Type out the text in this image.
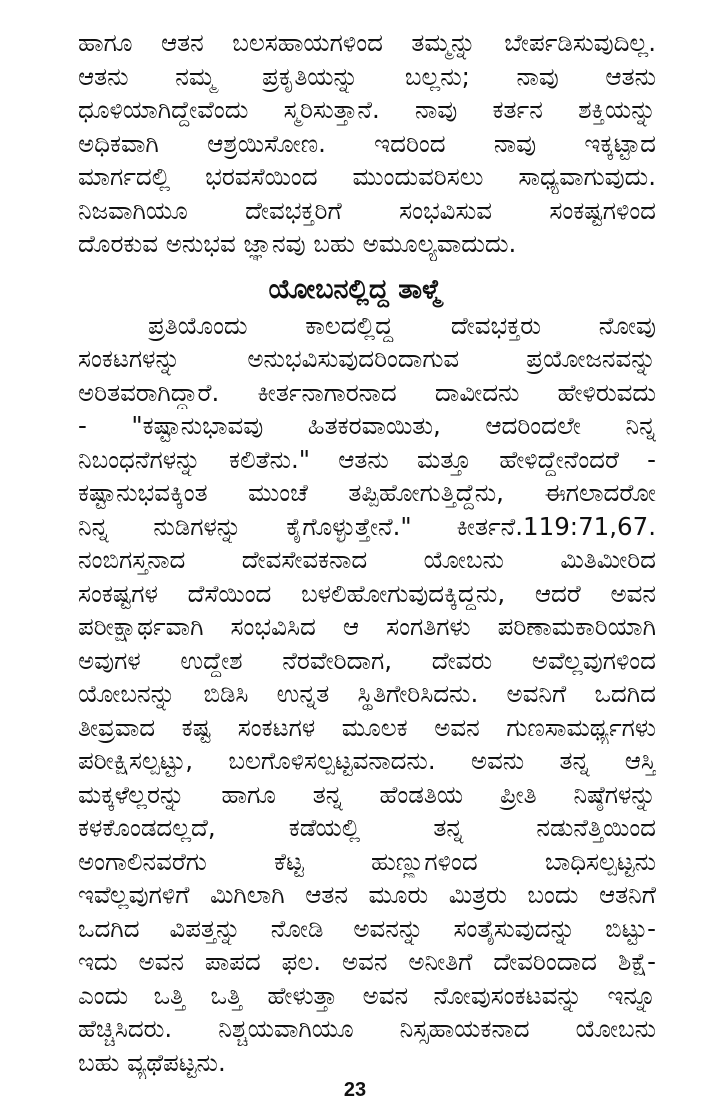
ಹಾಗೂ ಆತನ ಬಲಸಹಾಯಗಳಿಂದ ತಮ್ಮನ್ನು ಬೇರ್ಪಡಿಸುವುದಿಲ್ಲ.
ಆತನು ನಮ್ಮ ಪ್ರಕೃತಿಯನ್ನು ಬಲ್ಲನು; ನಾವು ಆತನು
ಧೂಳಿಯಾಗಿದ್ದೇವೆಂದು ಸ್ಮರಿಸುತ್ತಾನೆ. ನಾವು ಕರ್ತನ ಶಕ್ತಿಯನ್ನು
ಅಧಿಕವಾಗಿ ಆಶ್ರಯಿಸೋಣ. ಇದರಿಂದ ನಾವು ಇಕ್ಕಟ್ಟಾದ
ಮಾರ್ಗದಲ್ಲಿ ಭರವಸೆಯಿಂದ ಮುಂದುವರಿಸಲು ಸಾಧ್ಯವಾಗುವುದು.
ನಿಜವಾಗಿಯೂ ದೇವಭಕ್ತರಿಗೆ ಸಂಭವಿಸುವ ಸಂಕಷ್ಟಗಳಿಂದ
ದೊರಕುವ ಅನುಭವ ಜ್ಞಾನವು ಬಹು ಅಮೂಲ್ಯವಾದುದು.
ಯೋಬನಲ್ಲಿದ್ದ ತಾಳ್ಮೆ
ಪ್ರತಿಯೊಂದು ಕಾಲದಲ್ಲಿದ್ದ ದೇವಭಕ್ತರು ನೋವು
ಸಂಕಟಗಳನ್ನು ಅನುಭವಿಸುವುದರಿಂದಾಗುವ ಪ್ರಯೋಜನವನ್ನು
ಅರಿತವರಾಗಿದ್ದಾರೆ. ಕೀರ್ತನಾಗಾರನಾದ ದಾವೀದನು ಹೇಳಿರುವದು
- "ಕಷ್ಟಾನುಭಾವವು ಹಿತಕರವಾಯಿತು, ಆದರಿಂದಲೇ ನಿನ್ನ
ನಿಬಂಧನೆಗಳನ್ನು ಕಲಿತೆನು." ಆತನು ಮತ್ತೂ ಹೇಳಿದ್ದೇನೆಂದರೆ -
ಕಷ್ಟಾನುಭವಕ್ಕಿಂತ ಮುಂಚೆ ತಪ್ಪಿಹೋಗುತ್ತಿದ್ದೆನು, ಈಗಲಾದರೋ
ನಿನ್ನ ನುಡಿಗಳನ್ನು ಕೈಗೊಳ್ಳುತ್ತೇನೆ." ಕೀರ್ತನೆ.119:71,67.
ನಂಬಿಗಸ್ತನಾದ ದೇವಸೇವಕನಾದ ಯೋಬನು ಮಿತಿಮೀರಿದ
ಸಂಕಷ್ಟಗಳ ದೆಸೆಯಿಂದ ಬಳಲಿಹೋಗುವುದಕ್ಕಿದ್ದನು, ಆದರೆ ಅವನ
ಪರೀಕ್ಷಾರ್ಥವಾಗಿ ಸಂಭವಿಸಿದ ಆ ಸಂಗತಿಗಳು ಪರಿಣಾಮಕಾರಿಯಾಗಿ
ಅವುಗಳ ಉದ್ದೇಶ ನೆರವೇರಿದಾಗ, ದೇವರು ಅವೆಲ್ಲವುಗಳಿಂದ
ಯೋಬನನ್ನು ಬಿಡಿಸಿ ಉನ್ನತ ಸ್ಥಿತಿಗೇರಿಸಿದನು. ಅವನಿಗೆ ಒದಗಿದ
ತೀವ್ರವಾದ ಕಷ್ಟ ಸಂಕಟಗಳ ಮೂಲಕ ಅವನ ಗುಣಸಾಮರ್ಥ್ಯಗಳು
ಪರೀಕ್ಷಿಸಲ್ಪಟ್ಟು, ಬಲಗೊಳಿಸಲ್ಪಟ್ಟವನಾದನು. ಅವನು ತನ್ನ ಆಸ್ತಿ
ಮಕ್ಕಳೆಲ್ಲರನ್ನು ಹಾಗೂ ತನ್ನ ಹೆಂಡತಿಯ ಪ್ರೀತಿ ನಿಷ್ಠೆಗಳನ್ನು
ಕಳಕೊಂಡದಲ್ಲದೆ, ಕಡೆಯಲ್ಲಿ ತನ್ನ ನಡುನೆತ್ತಿಯಿಂದ
ಅಂಗಾಲಿನವರೆಗು ಕೆಟ್ಟ ಹುಣ್ಣುಗಳಿಂದ ಬಾಧಿಸಲ್ಪಟ್ಟನು
ಇವೆಲ್ಲವುಗಳಿಗೆ ಮಿಗಿಲಾಗಿ ಆತನ ಮೂರು ಮಿತ್ರರು ಬಂದು ಆತನಿಗೆ
ಒದಗಿದ ವಿಪತ್ತನ್ನು ನೋಡಿ ಅವನನ್ನು ಸಂತೈಸುವುದನ್ನು ಬಿಟ್ಟು-
ಇದು ಅವನ ಪಾಪದ ಫಲ. ಅವನ ಅನೀತಿಗೆ ದೇವರಿಂದಾದ ಶಿಕ್ಷೆ-
ಎಂದು ಒತ್ತಿ ಒತ್ತಿ ಹೇಳುತ್ತಾ ಅವನ ನೋವುಸಂಕಟವನ್ನು ಇನ್ನೂ
ಹೆಚ್ಚಿಸಿದರು. ನಿಶ್ಚಯವಾಗಿಯೂ ನಿಸ್ಸಹಾಯಕನಾದ ಯೋಬನು
ಬಹು ವ್ಯಥೆಪಟ್ಟನು.
23
